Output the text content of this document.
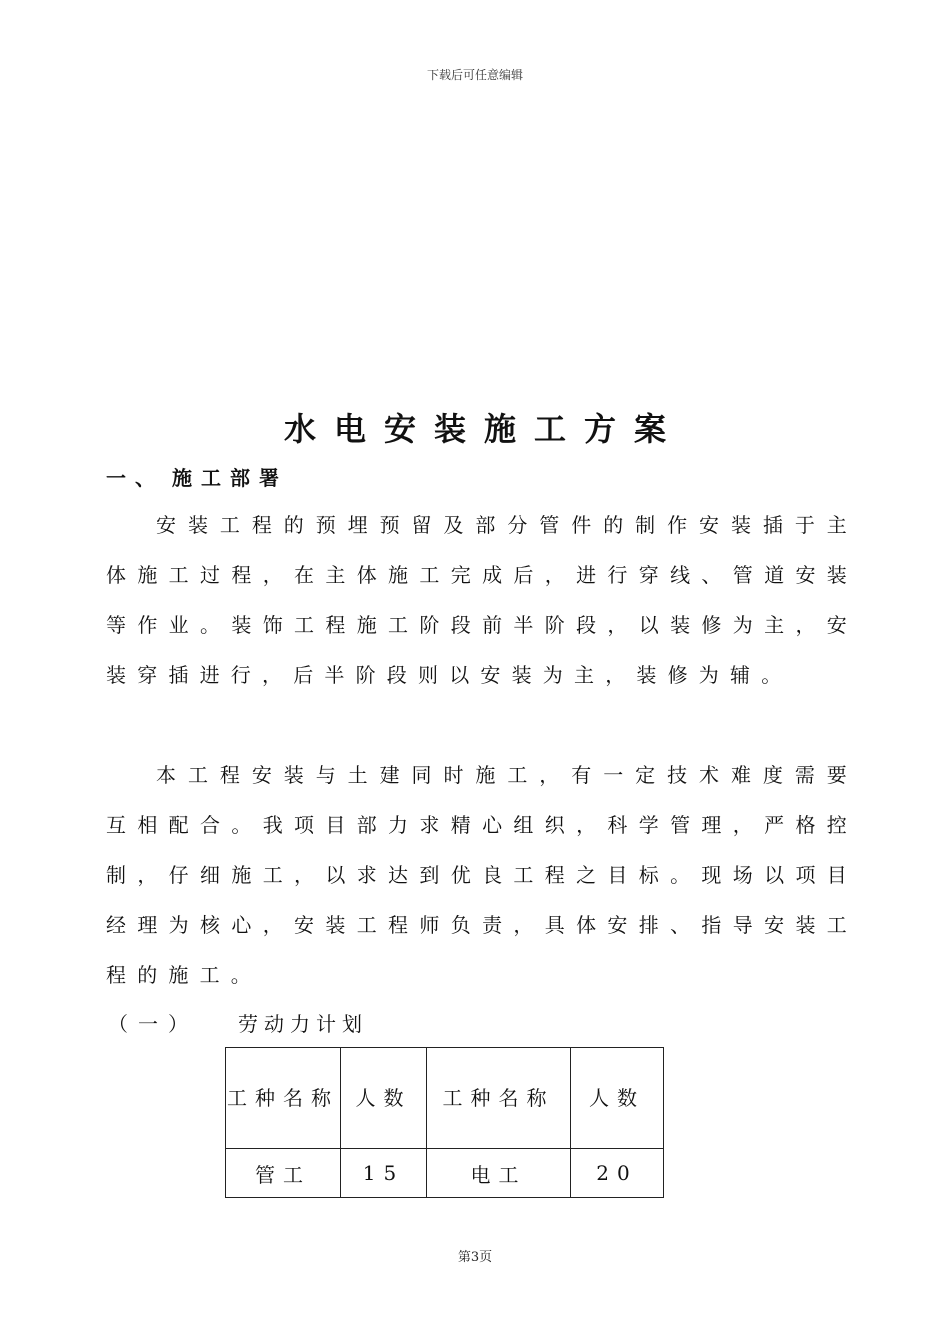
下载后可任意编辑
水电安装施工方案
一、 施工部署

安装工程的预埋预留及部分管件的制作安装插于主体施工过程，在主体施工完成后，进行穿线、管道安装等作业。装饰工程施工阶段前半阶段，以装修为主，安装穿插进行，后半阶段则以安装为主，装修为辅。

本工程安装与土建同时施工，有一定技术难度需要互相配合。我项目部力求精心组织，科学管理，严格控制，仔细施工，以求达到优良工程之目标。现场以项目经理为核心，安装工程师负责，具体安排、指导安装工程的施工。

（一） 劳动力计划
工种名称	人数	工种名称	人数
管工	15	电工	20
第3页
